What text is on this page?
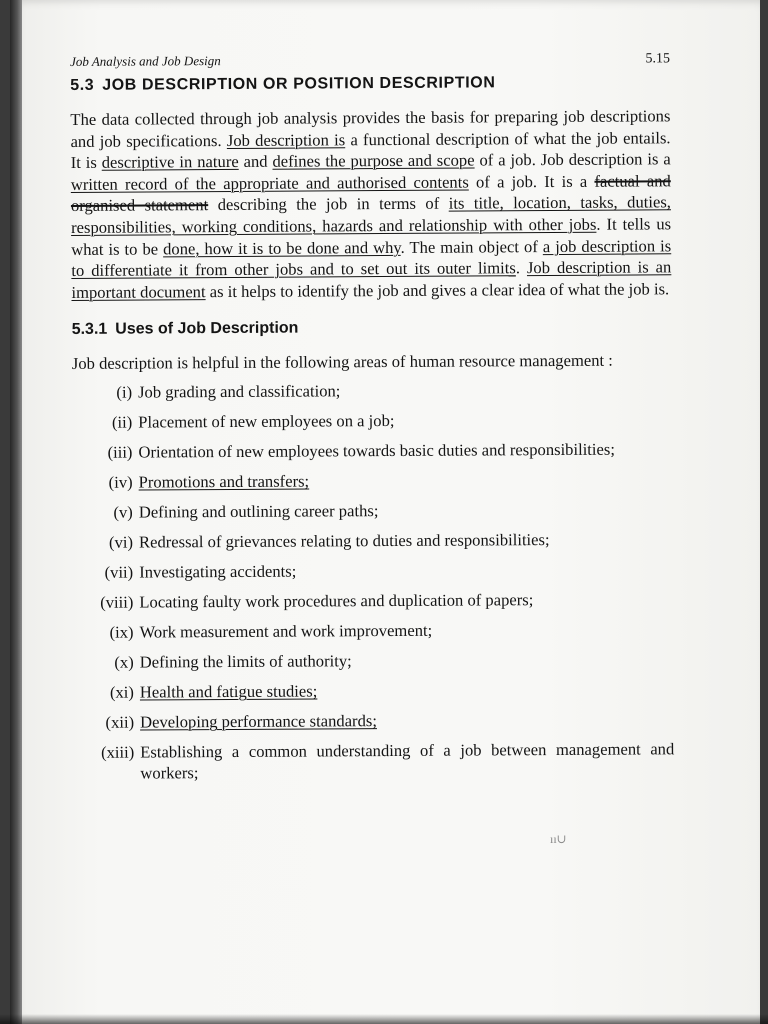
Job Analysis and Job Design	5.15
5.3 JOB DESCRIPTION OR POSITION DESCRIPTION

The data collected through job analysis provides the basis for preparing job descriptions and job specifications. Job description is a functional description of what the job entails. It is descriptive in nature and defines the purpose and scope of a job. Job description is a written record of the appropriate and authorised contents of a job. It is a factual and organised statement describing the job in terms of its title, location, tasks, duties, responsibilities, working conditions, hazards and relationship with other jobs. It tells us what is to be done, how it is to be done and why. The main object of a job description is to differentiate it from other jobs and to set out its outer limits. Job description is an important document as it helps to identify the job and gives a clear idea of what the job is.

5.3.1 Uses of Job Description

Job description is helpful in the following areas of human resource management :

(i) Job grading and classification;
(ii) Placement of new employees on a job;
(iii) Orientation of new employees towards basic duties and responsibilities;
(iv) Promotions and transfers;
(v) Defining and outlining career paths;
(vi) Redressal of grievances relating to duties and responsibilities;
(vii) Investigating accidents;
(viii) Locating faulty work procedures and duplication of papers;
(ix) Work measurement and work improvement;
(x) Defining the limits of authority;
(xi) Health and fatigue studies;
(xii) Developing performance standards;
(xiii) Establishing a common understanding of a job between management and workers;
ıı∪
